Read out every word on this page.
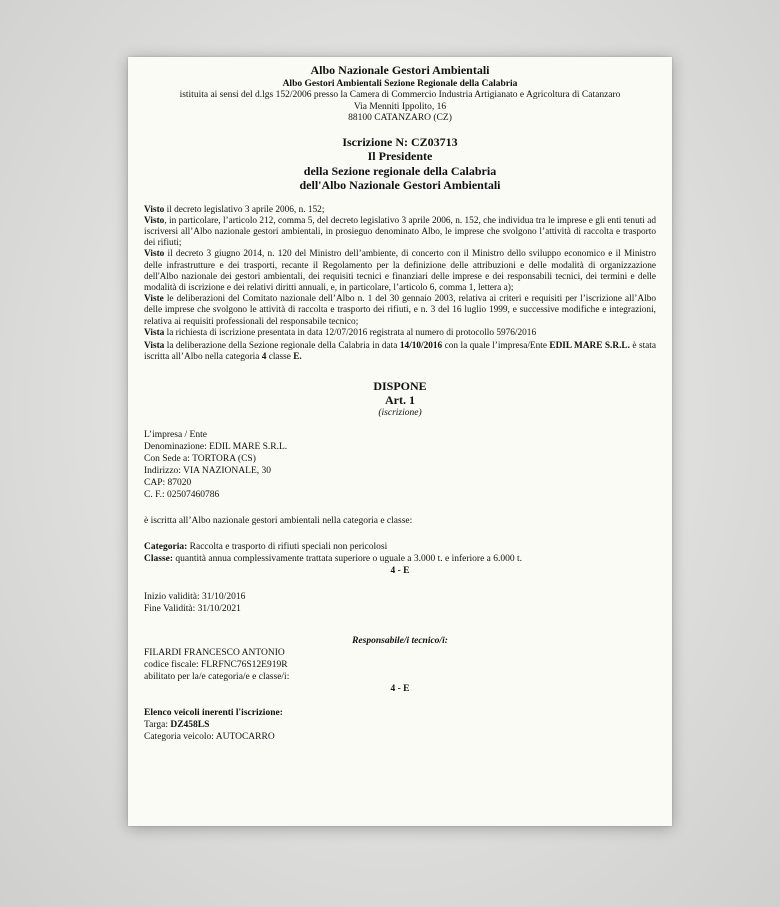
Albo Nazionale Gestori Ambientali
Albo Gestori Ambientali Sezione Regionale della Calabria
istituita ai sensi del d.lgs 152/2006 presso la Camera di Commercio Industria Artigianato e Agricoltura di Catanzaro
Via Menniti Ippolito, 16
88100 CATANZARO (CZ)
Iscrizione N: CZ03713
Il Presidente
della Sezione regionale della Calabria
dell'Albo Nazionale Gestori Ambientali

Visto il decreto legislativo 3 aprile 2006, n. 152;

Visto, in particolare, l’articolo 212, comma 5, del decreto legislativo 3 aprile 2006, n. 152, che individua tra le imprese e gli enti tenuti ad iscriversi all’Albo nazionale gestori ambientali, in prosieguo denominato Albo, le imprese che svolgono l’attività di raccolta e trasporto dei rifiuti;

Visto il decreto 3 giugno 2014, n. 120 del Ministro dell’ambiente, di concerto con il Ministro dello sviluppo economico e il Ministro delle infrastrutture e dei trasporti, recante il Regolamento per la definizione delle attribuzioni e delle modalità di organizzazione dell'Albo nazionale dei gestori ambientali, dei requisiti tecnici e finanziari delle imprese e dei responsabili tecnici, dei termini e delle modalità di iscrizione e dei relativi diritti annuali, e, in particolare, l’articolo 6, comma 1, lettera a);

Viste le deliberazioni del Comitato nazionale dell’Albo n. 1 del 30 gennaio 2003, relativa ai criteri e requisiti per l’iscrizione all’Albo delle imprese che svolgono le attività di raccolta e trasporto dei rifiuti, e n. 3 del 16 luglio 1999, e successive modifiche e integrazioni, relativa ai requisiti professionali del responsabile tecnico;

Vista la richiesta di iscrizione presentata in data 12/07/2016 registrata al numero di protocollo 5976/2016

Vista la deliberazione della Sezione regionale della Calabria in data 14/10/2016 con la quale l’impresa/Ente EDIL MARE S.R.L. è stata iscritta all’Albo nella categoria 4 classe E.

DISPONE
Art. 1
(iscrizione)

L’impresa / Ente

Denominazione: EDIL MARE S.R.L.

Con Sede a: TORTORA (CS)

Indirizzo: VIA NAZIONALE, 30

CAP: 87020

C. F.: 02507460786

è iscritta all’Albo nazionale gestori ambientali nella categoria e classe:

Categoria: Raccolta e trasporto di rifiuti speciali non pericolosi

Classe: quantità annua complessivamente trattata superiore o uguale a 3.000 t. e inferiore a 6.000 t.

4 - E

Inizio validità: 31/10/2016

Fine Validità: 31/10/2021

Responsabile/i tecnico/i:

FILARDI FRANCESCO ANTONIO

codice fiscale: FLRFNC76S12E919R

abilitato per la/e categoria/e e classe/i:

4 - E

Elenco veicoli inerenti l'iscrizione:

Targa: DZ458LS

Categoria veicolo: AUTOCARRO
